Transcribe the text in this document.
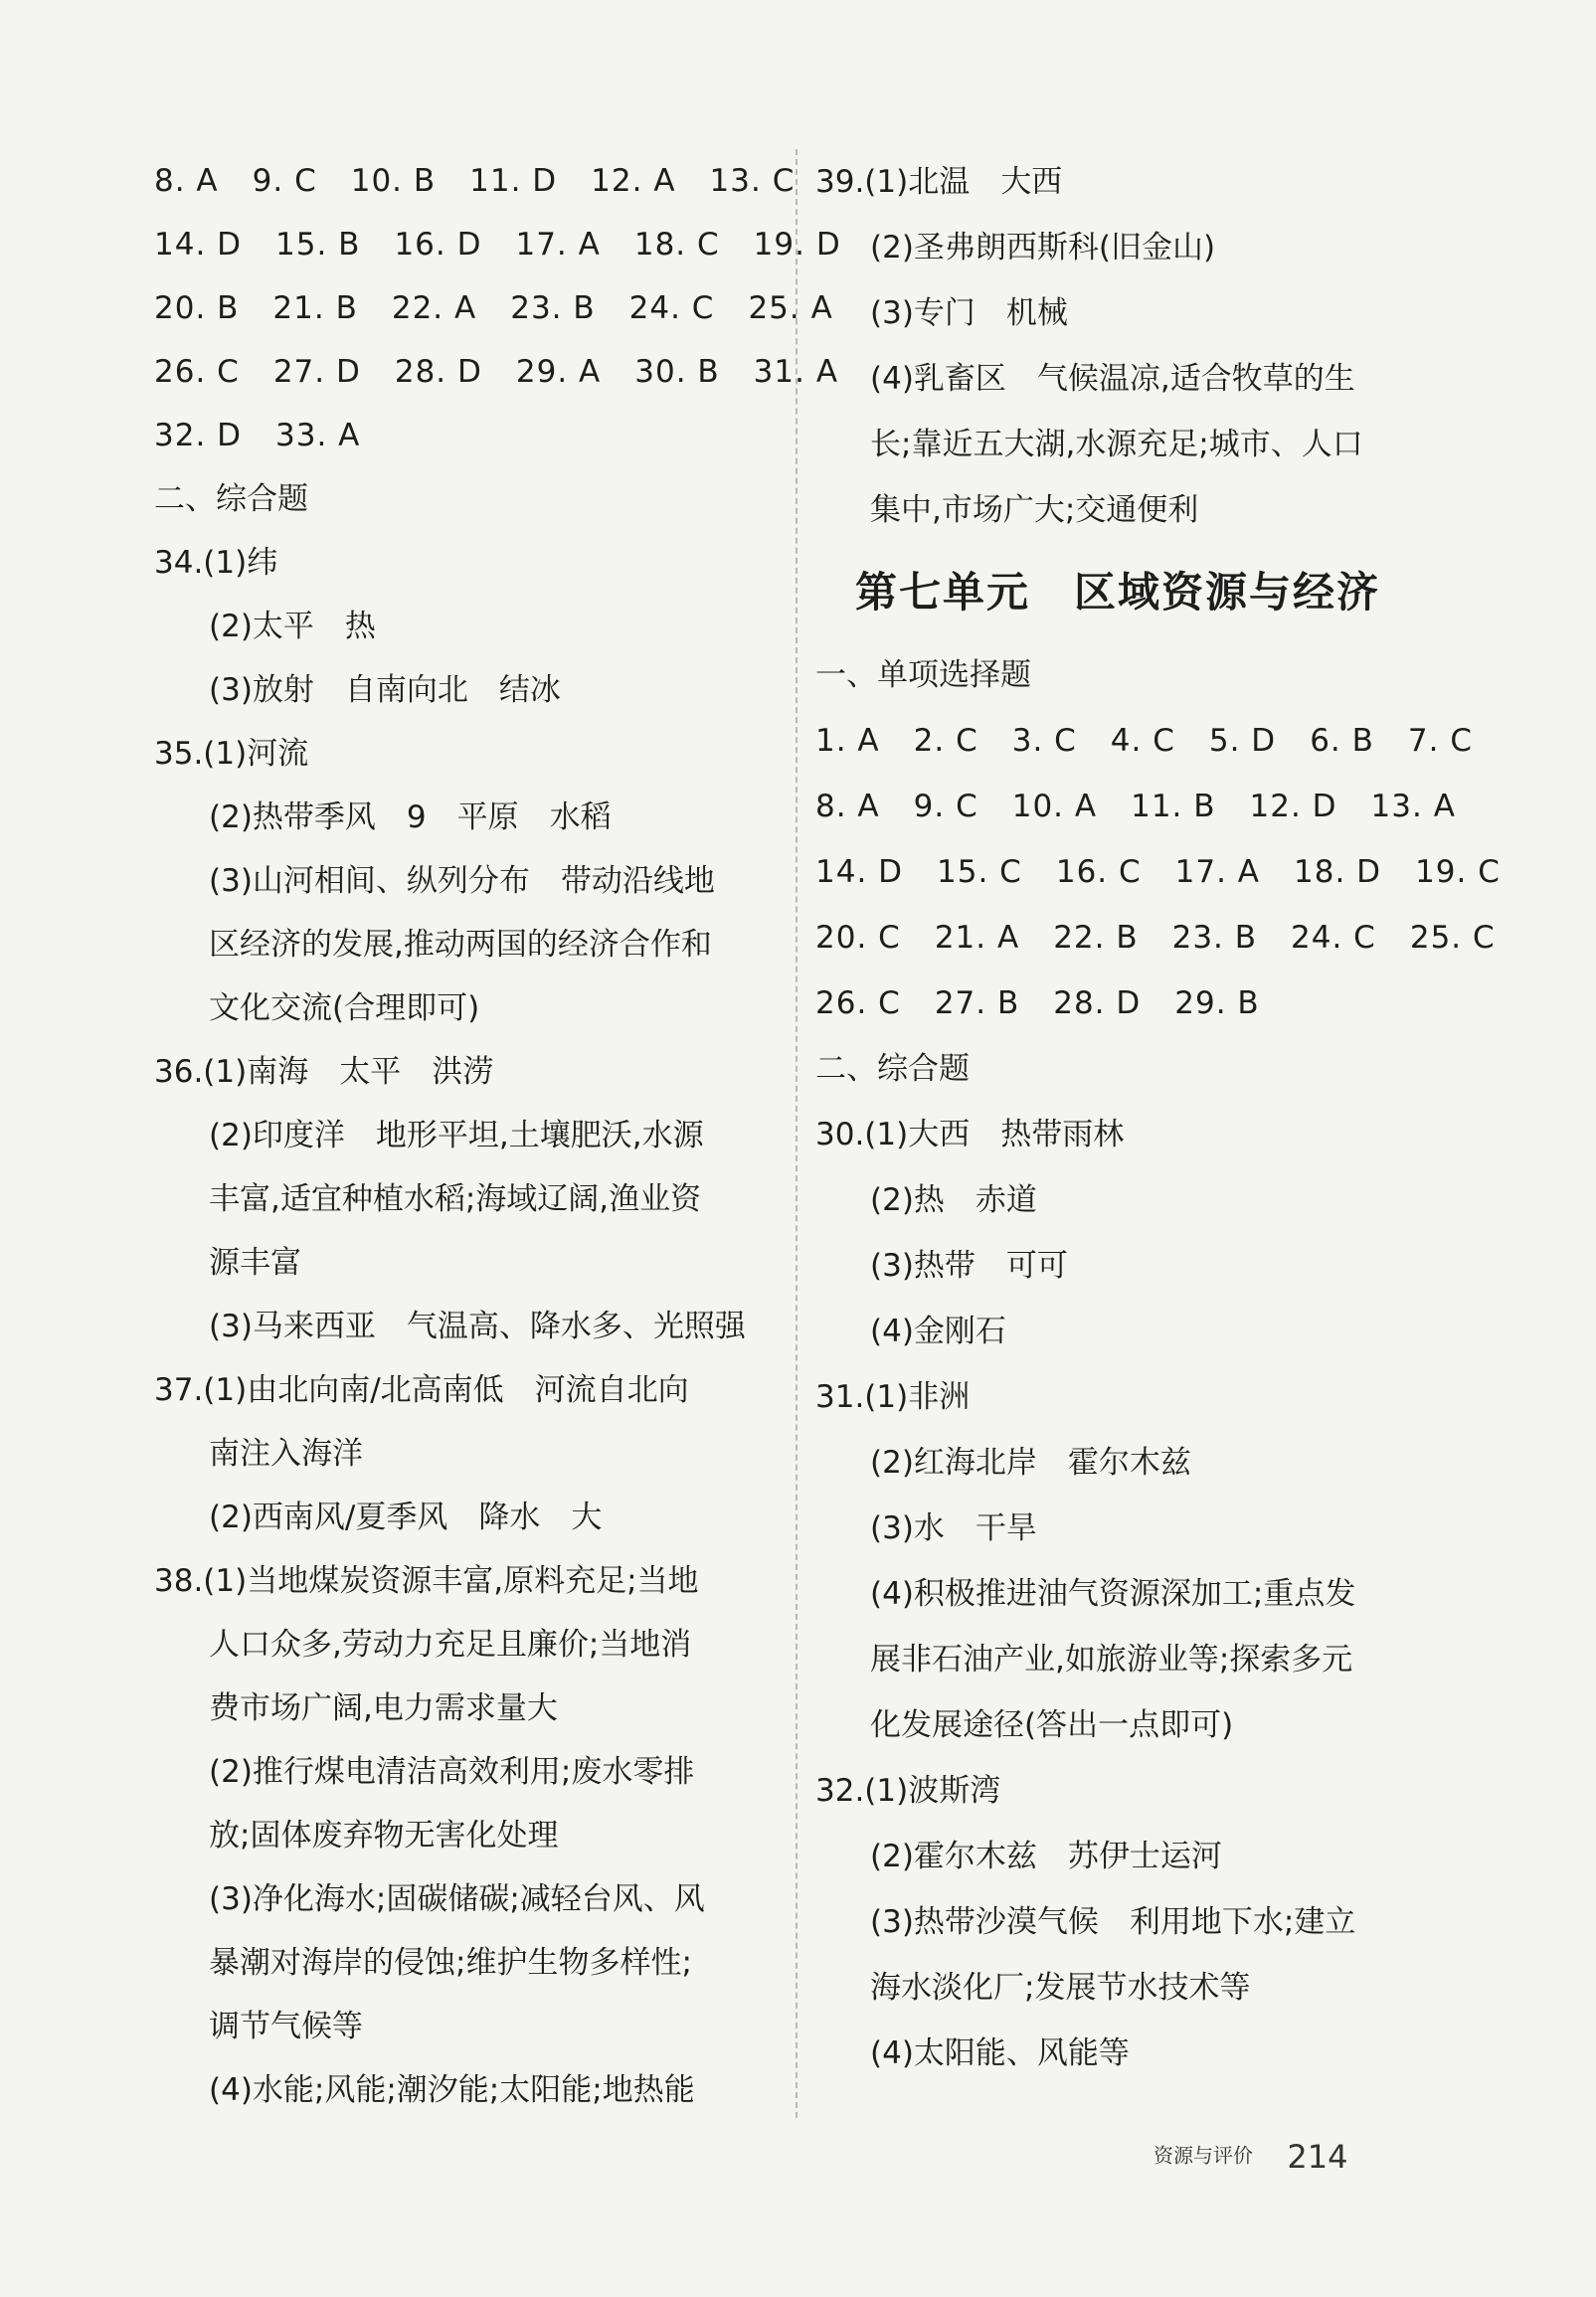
8. A 9. C 10. B 11. D 12. A 13. C
14. D 15. B 16. D 17. A 18. C 19. D
20. B 21. B 22. A 23. B 24. C 25. A
26. C 27. D 28. D 29. A 30. B 31. A
32. D 33. A
二、综合题
34.(1)纬
(2)太平　热
(3)放射　自南向北　结冰
35.(1)河流
(2)热带季风　9　平原　水稻
(3)山河相间、纵列分布　带动沿线地
区经济的发展,推动两国的经济合作和
文化交流(合理即可)
36.(1)南海　太平　洪涝
(2)印度洋　地形平坦,土壤肥沃,水源
丰富,适宜种植水稻;海域辽阔,渔业资
源丰富
(3)马来西亚　气温高、降水多、光照强
37.(1)由北向南/北高南低　河流自北向
南注入海洋
(2)西南风/夏季风　降水　大
38.(1)当地煤炭资源丰富,原料充足;当地
人口众多,劳动力充足且廉价;当地消
费市场广阔,电力需求量大
(2)推行煤电清洁高效利用;废水零排
放;固体废弃物无害化处理
(3)净化海水;固碳储碳;减轻台风、风
暴潮对海岸的侵蚀;维护生物多样性;
调节气候等
(4)水能;风能;潮汐能;太阳能;地热能
39.(1)北温　大西
(2)圣弗朗西斯科(旧金山)
(3)专门　机械
(4)乳畜区　气候温凉,适合牧草的生
长;靠近五大湖,水源充足;城市、人口
集中,市场广大;交通便利
第七单元　区域资源与经济
一、单项选择题
1. A 2. C 3. C 4. C 5. D 6. B 7. C
8. A 9. C 10. A 11. B 12. D 13. A
14. D 15. C 16. C 17. A 18. D 19. C
20. C 21. A 22. B 23. B 24. C 25. C
26. C 27. B 28. D 29. B
二、综合题
30.(1)大西　热带雨林
(2)热　赤道
(3)热带　可可
(4)金刚石
31.(1)非洲
(2)红海北岸　霍尔木兹
(3)水　干旱
(4)积极推进油气资源深加工;重点发
展非石油产业,如旅游业等;探索多元
化发展途径(答出一点即可)
32.(1)波斯湾
(2)霍尔木兹　苏伊士运河
(3)热带沙漠气候　利用地下水;建立
海水淡化厂;发展节水技术等
(4)太阳能、风能等
资源与评价 214
